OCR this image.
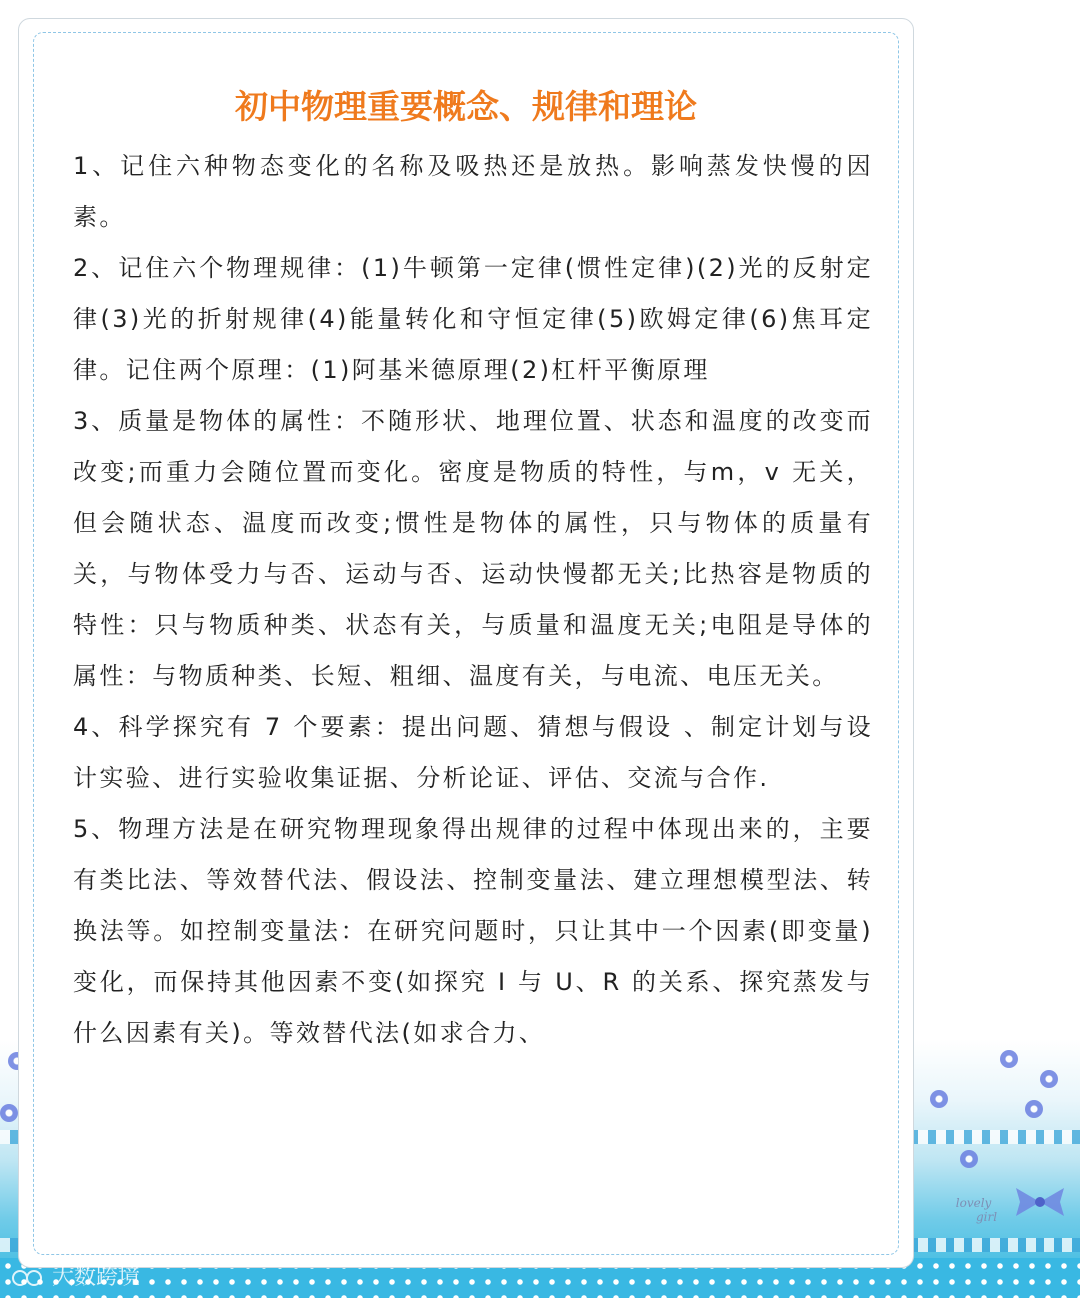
lovely
girl
初中物理重要概念、规律和理论

1、记住六种物态变化的名称及吸热还是放热。影响蒸发快慢的因素。

2、记住六个物理规律：(1)牛顿第一定律(惯性定律)(2)光的反射定律(3)光的折射规律(4)能量转化和守恒定律(5)欧姆定律(6)焦耳定律。记住两个原理：(1)阿基米德原理(2)杠杆平衡原理

3、质量是物体的属性：不随形状、地理位置、状态和温度的改变而改变;而重力会随位置而变化。密度是物质的特性，与m，v 无关，但会随状态、温度而改变;惯性是物体的属性，只与物体的质量有关，与物体受力与否、运动与否、运动快慢都无关;比热容是物质的特性：只与物质种类、状态有关，与质量和温度无关;电阻是导体的属性：与物质种类、长短、粗细、温度有关，与电流、电压无关。

4、科学探究有 7 个要素：提出问题、猜想与假设 、制定计划与设计实验、进行实验收集证据、分析论证、评估、交流与合作.

5、物理方法是在研究物理现象得出规律的过程中体现出来的，主要有类比法、等效替代法、假设法、控制变量法、建立理想模型法、转换法等。如控制变量法：在研究问题时，只让其中一个因素(即变量)变化，而保持其他因素不变(如探究 I 与 U、R 的关系、探究蒸发与什么因素有关)。等效替代法(如求合力、

大数跨境
